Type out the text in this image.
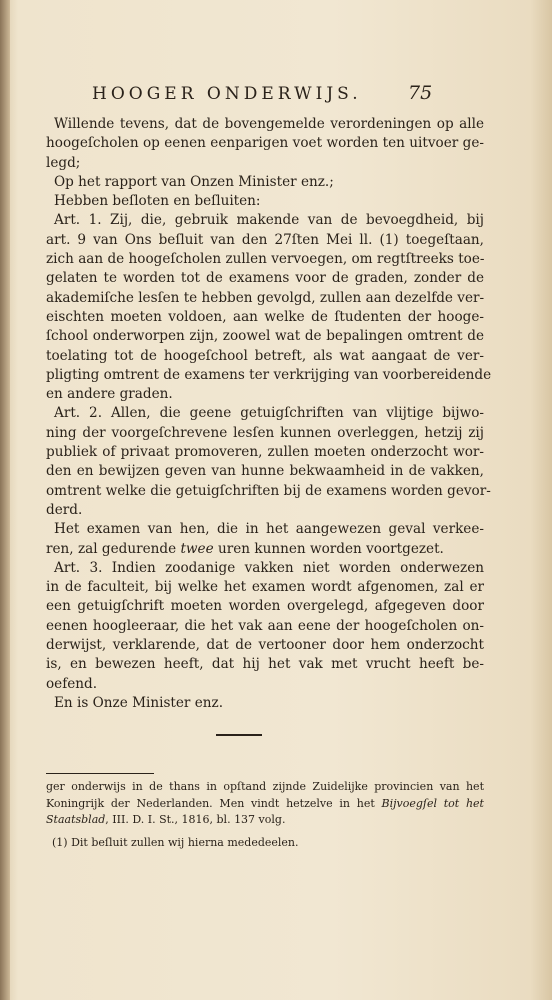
HOOGER ONDERWIJS.	75
Willende tevens, dat de bovengemelde verordeningen op alle
hoogeſcholen op eenen eenparigen voet worden ten uitvoer ge-
legd;
Op het rapport van Onzen Minister enz.;
Hebben beſloten en beſluiten:
Art. 1. Zij, die, gebruik makende van de bevoegdheid, bij
art. 9 van Ons beſluit van den 27ſten Mei ll. (1) toegeſtaan,
zich aan de hoogeſcholen zullen vervoegen, om regtſtreeks toe-
gelaten te worden tot de examens voor de graden, zonder de
akademiſche lesſen te hebben gevolgd, zullen aan dezelfde ver-
eischten moeten voldoen, aan welke de ſtudenten der hooge-
ſchool onderworpen zijn, zoowel wat de bepalingen omtrent de
toelating tot de hoogeſchool betreft, als wat aangaat de ver-
pligting omtrent de examens ter verkrijging van voorbereidende
en andere graden.
Art. 2. Allen, die geene getuigſchriften van vlijtige bijwo-
ning der voorgeſchrevene lesſen kunnen overleggen, hetzij zij
publiek of privaat promoveren, zullen moeten onderzocht wor-
den en bewijzen geven van hunne bekwaamheid in de vakken,
omtrent welke die getuigſchriften bij de examens worden gevor-
derd.
Het examen van hen, die in het aangewezen geval verkee-
ren, zal gedurende twee uren kunnen worden voortgezet.
Art. 3. Indien zoodanige vakken niet worden onderwezen
in de faculteit, bij welke het examen wordt afgenomen, zal er
een getuigſchrift moeten worden overgelegd, afgegeven door
eenen hoogleeraar, die het vak aan eene der hoogeſcholen on-
derwijst, verklarende, dat de vertooner door hem onderzocht
is, en bewezen heeft, dat hij het vak met vrucht heeft be-
oefend.
En is Onze Minister enz.
ger onderwijs in de thans in opſtand zijnde Zuidelijke provincien van het
Koningrijk der Nederlanden. Men vindt hetzelve in het Bijvoegſel tot het
Staatsblad, III. D. I. St., 1816, bl. 137 volg.
(1) Dit beſluit zullen wij hierna mededeelen.
